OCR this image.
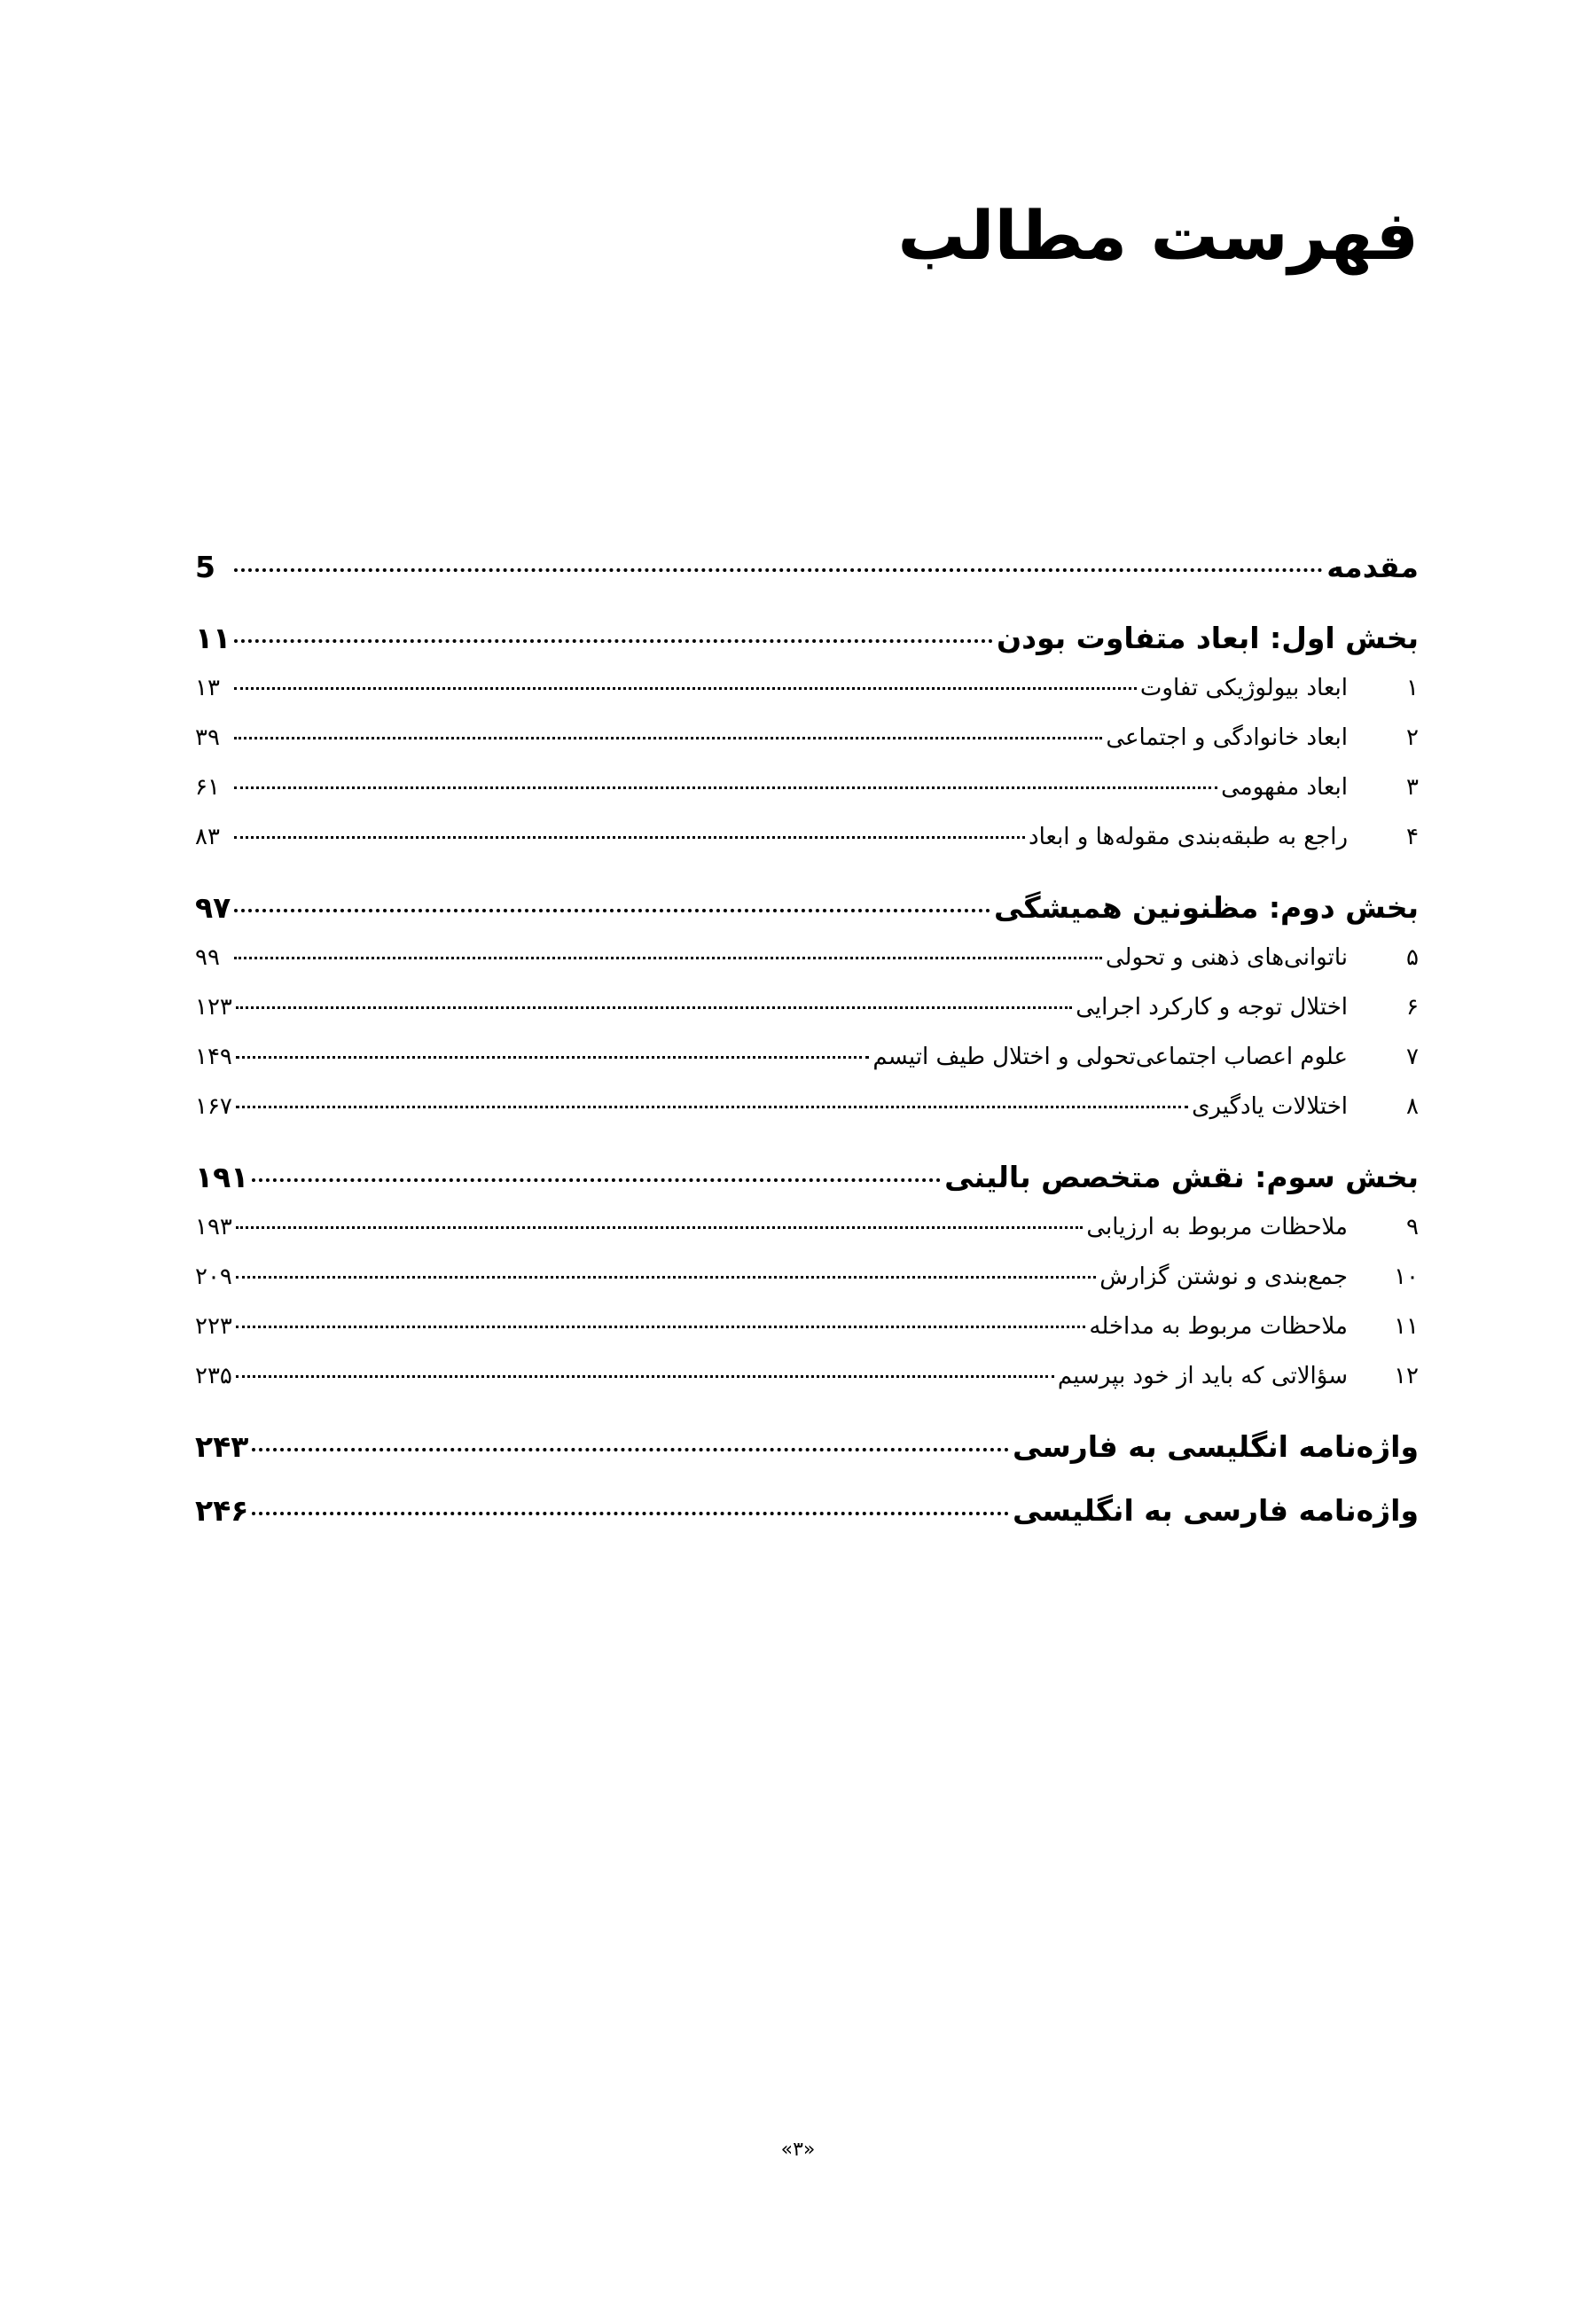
فهرست مطالب
مقدمه
5
بخش اول: ابعاد متفاوت بودن
۱۱
۱
ابعاد بیولوژیکی تفاوت
۱۳
۲
ابعاد خانوادگی و اجتماعی
۳۹
۳
ابعاد مفهومی
۶۱
۴
راجع به طبقه‌بندی مقوله‌ها و ابعاد
۸۳
بخش دوم: مظنونین همیشگی
۹۷
۵
ناتوانی‌های ذهنی و تحولی
۹۹
۶
اختلال توجه و کارکرد اجرایی
۱۲۳
۷
علوم اعصاب اجتماعی‌تحولی و اختلال طیف اتیسم
۱۴۹
۸
اختلالات یادگیری
۱۶۷
بخش سوم: نقش متخصص بالینی
۱۹۱
۹
ملاحظات مربوط به ارزیابی
۱۹۳
۱۰
جمع‌بندی و نوشتن گزارش
۲۰۹
۱۱
ملاحظات مربوط به مداخله
۲۲۳
۱۲
سؤالاتی که باید از خود بپرسیم
۲۳۵
واژه‌نامه انگلیسی به فارسی
۲۴۳
واژه‌نامه فارسی به انگلیسی
۲۴۶
«۳»
